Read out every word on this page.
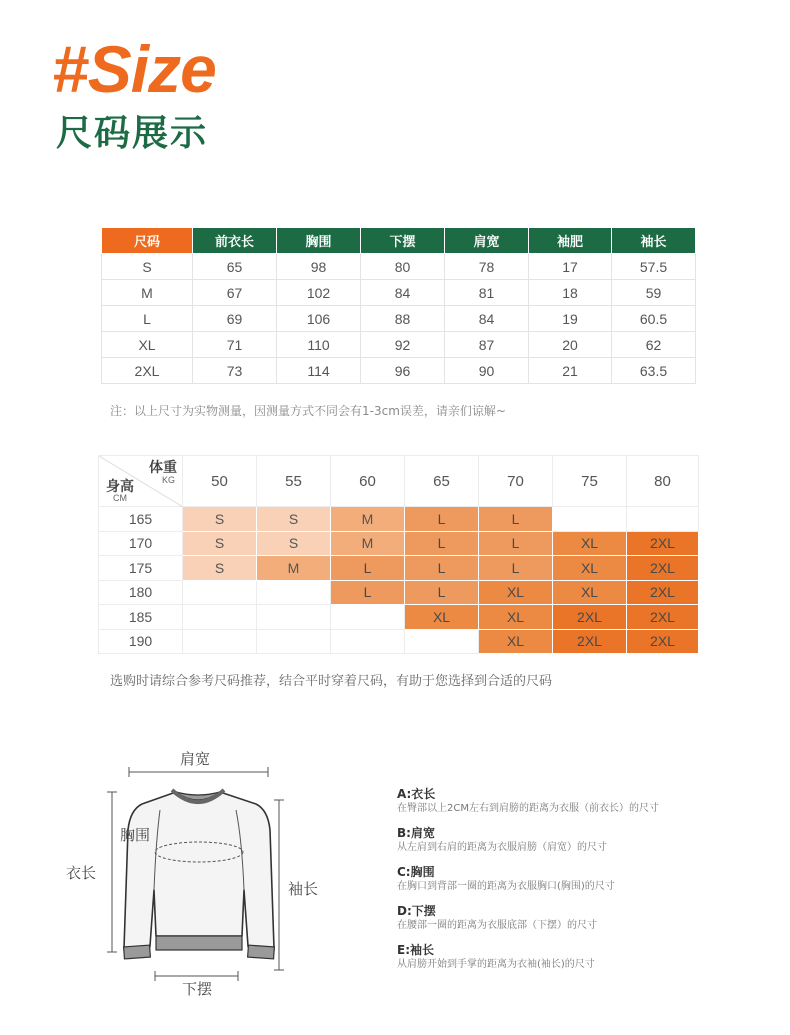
#Size
尺码展示
尺码	前衣长	胸围	下摆	肩宽	袖肥	袖长
S	65	98	80	78	17	57.5
M	67	102	84	81	18	59
L	69	106	88	84	19	60.5
XL	71	110	92	87	20	62
2XL	73	114	96	90	21	63.5
注：以上尺寸为实物测量，因测量方式不同会有1-3cm误差，请亲们谅解~
体重
KG
身高
CM	50	55	60	65	70	75	80
165	S	S	M	L	L		
170	S	S	M	L	L	XL	2XL
175	S	M	L	L	L	XL	2XL
180			L	L	XL	XL	2XL
185				XL	XL	2XL	2XL
190					XL	2XL	2XL
选购时请综合参考尺码推荐，结合平时穿着尺码，有助于您选择到合适的尺码
肩宽
胸围
衣长
袖长
下摆
A:衣长
在臀部以上2CM左右到肩膀的距离为衣服（前衣长）的尺寸
B:肩宽
从左肩到右肩的距离为衣服肩膀（肩宽）的尺寸
C:胸围
在胸口到背部一圈的距离为衣服胸口(胸围)的尺寸
D:下摆
在腰部一圈的距离为衣服底部（下摆）的尺寸
E:袖长
从肩膀开始到手掌的距离为衣袖(袖长)的尺寸
